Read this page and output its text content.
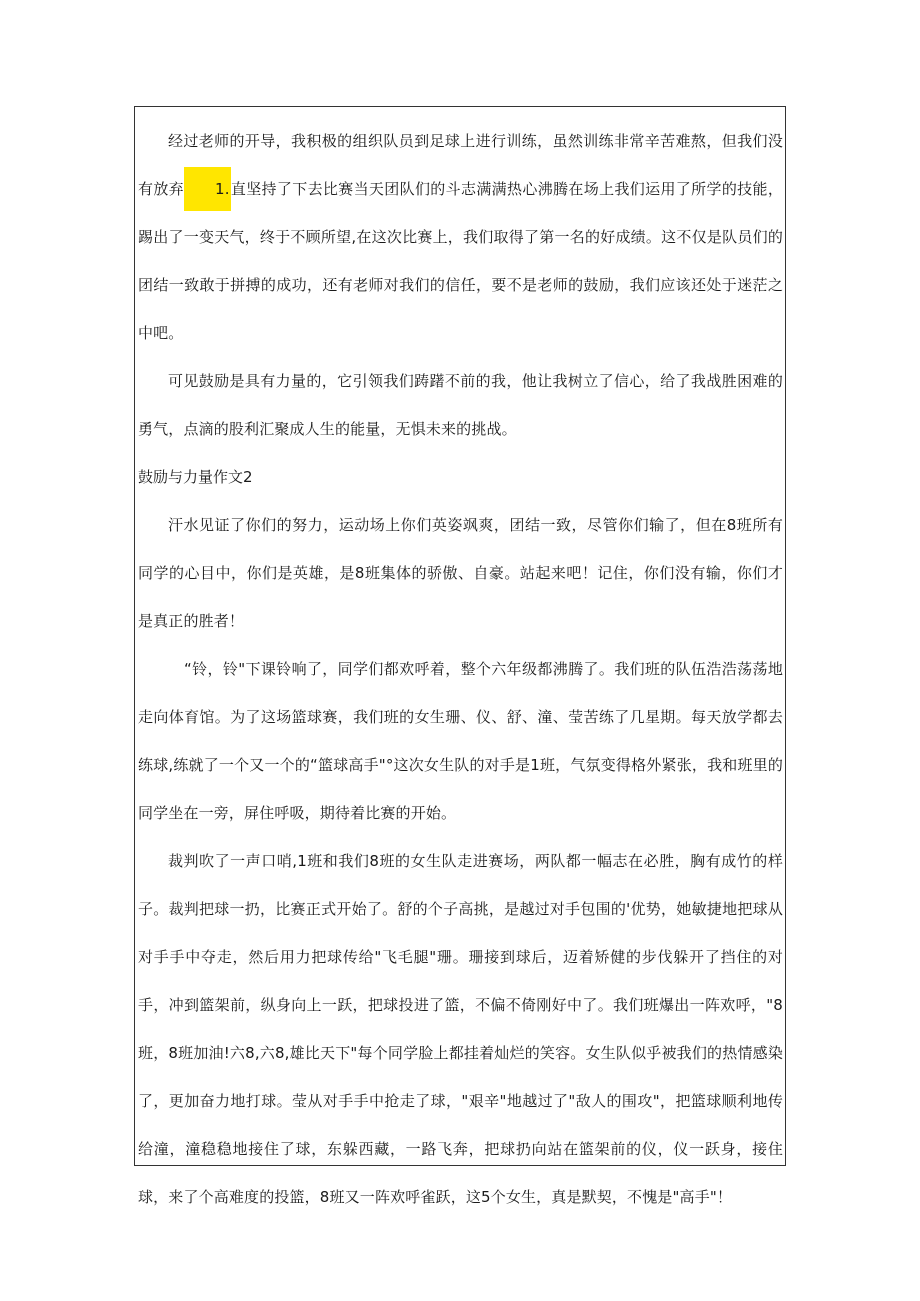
经过老师的开导，我积极的组织队员到足球上进行训练，虽然训练非常辛苦难熬，但我们没有放弃 1.直坚持了下去比赛当天团队们的斗志满满热心沸腾在场上我们运用了所学的技能，踢出了一变天气，终于不顾所望,在这次比赛上，我们取得了第一名的好成绩。这不仅是队员们的团结一致敢于拼搏的成功，还有老师对我们的信任，要不是老师的鼓励，我们应该还处于迷茫之中吧。

可见鼓励是具有力量的，它引领我们踌躇不前的我，他让我树立了信心，给了我战胜困难的勇气，点滴的股利汇聚成人生的能量，无惧未来的挑战。

鼓励与力量作文2

汗水见证了你们的努力，运动场上你们英姿飒爽，团结一致，尽管你们输了，但在8班所有同学的心目中，你们是英雄，是8班集体的骄傲、自豪。站起来吧！记住，你们没有输，你们才是真正的胜者！

“铃，铃"下课铃响了，同学们都欢呼着，整个六年级都沸腾了。我们班的队伍浩浩荡荡地走向体育馆。为了这场篮球赛，我们班的女生珊、仪、舒、潼、莹苦练了几星期。每天放学都去练球,练就了一个又一个的“篮球高手"°这次女生队的对手是1班，气氛变得格外紧张，我和班里的同学坐在一旁，屏住呼吸，期待着比赛的开始。

裁判吹了一声口哨,1班和我们8班的女生队走进赛场，两队都一幅志在必胜，胸有成竹的样子。裁判把球一扔，比赛正式开始了。舒的个子高挑，是越过对手包围的'优势，她敏捷地把球从对手手中夺走，然后用力把球传给"飞毛腿"珊。珊接到球后，迈着矫健的步伐躲开了挡住的对手，冲到篮架前，纵身向上一跃，把球投进了篮，不偏不倚刚好中了。我们班爆出一阵欢呼，"8班，8班加油!六8,六8,雄比天下"每个同学脸上都挂着灿烂的笑容。女生队似乎被我们的热情感染了，更加奋力地打球。莹从对手手中抢走了球，"艰辛"地越过了"敌人的围攻"，把篮球顺利地传给潼，潼稳稳地接住了球，东躲西藏，一路飞奔，把球扔向站在篮架前的仪，仪一跃身，接住球，来了个高难度的投篮，8班又一阵欢呼雀跃，这5个女生，真是默契，不愧是"高手"！
